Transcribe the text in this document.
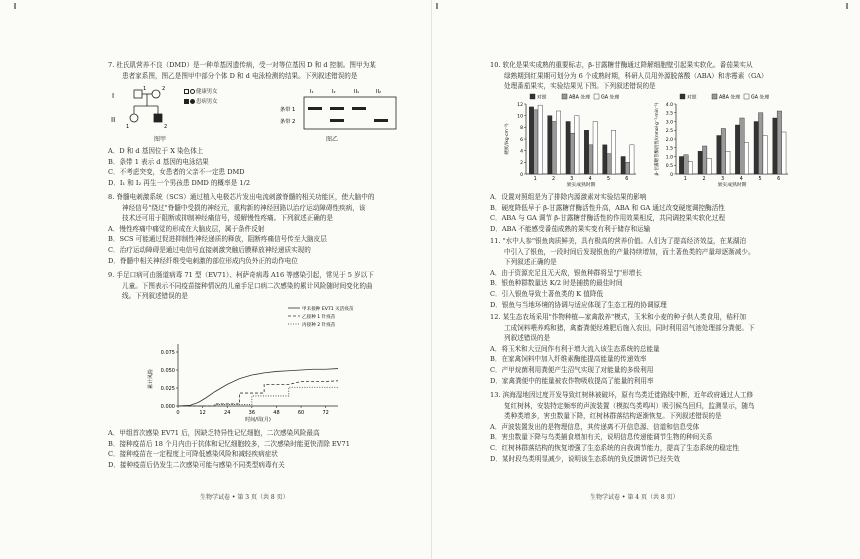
7. 杜氏肌营养不良（DMD）是一种单基因遗传病，受一对等位基因 D 和 d 控制。图甲为某

患者家系图，图乙是图甲中部分个体 D 和 d 电泳检测的结果。下列叙述错误的是

I
II
1	2
1	2
健康男女
患病男女
图甲
条带 1
条带 2
I₁	I₂	II₁	II₂
图乙

A．D 和 d 基因位于 X 染色体上

B．条带 1 表示 d 基因的电泳结果

C．不考虑突变，女患者的父亲不一定患 DMD

D．I₁ 和 I₂ 再生一个男孩患 DMD 的概率是 1/2

8. 脊髓电刺激系统（SCS）通过植入电极芯片发出电流刺激脊髓的相关功能区，使大脑中的

神经信号"绕过"脊髓中受损的神经元，重构新的神经回路以治疗运动障碍性疾病，该

技术还可用于阻断或抑制神经痛信号，缓解慢性疼痛。下列叙述正确的是

A．慢性疼痛中痛觉的形成在大脑皮层，属于条件反射

B．SCS 可能通过促进抑制性神经递质的释放，阻断疼痛信号传至大脑皮层

C．治疗运动障碍是通过电信号直接刺激突触后膜释放神经递质实现的

D．脊髓中相关神经纤维受电刺激的部位形成内负外正的动作电位

9. 手足口病可由肠道病毒 71 型（EV71）、柯萨奇病毒 A16 等感染引起，常见于 5 岁以下

儿童。下图表示不同疫苗接种情况的儿童手足口病二次感染的累计风险随时间变化的曲

线。下列叙述错误的是

0.000
0.025
0.050
0.075
0	12	24	36	48	60	72
时间/周(月)
累计风险
甲未接种 EV71 灭活疫苗
乙接种 1 针疫苗
丙接种 2 针疫苗

A．甲组首次感染 EV71 后，因缺乏特异性记忆细胞，二次感染风险最高

B．接种疫苗后 18 个月内由于抗体和记忆细胞较多，二次感染时能更快清除 EV71

C．接种疫苗在一定程度上可降低感染风险和减轻疾病症状

D．接种疫苗后仍发生二次感染可能与感染不同类型病毒有关

生物学试卷 • 第 3 页（共 8 页）

10. 软化是果实成熟的重要标志，β-甘露糖苷酶通过降解细胞壁引起果实软化。番茄果实从

绿熟期到红果期可划分为 6 个成熟时期，科研人员用外源脱落酸（ABA）和赤霉素（GA）

处理番茄果实，实验结果见下图。下列叙述错误的是

0
2
4
6
8
10
12
1	2	3	4	5	6
果实成熟时期
硬度/(kg·cm⁻²)
对照	ABA 处理 GA 处理
0
0.5
1.0
1.5
2.0
2.5
3.0
3.5
4.0
1	2	3	4	5	6
果实成熟时期
β-甘露糖苷酶活性/(nmol·g⁻¹·min⁻¹)
对照	ABA 处理 GA 处理

A．设置对照组是为了排除内源激素对实验结果的影响

B．硬度降低早于 β-甘露糖苷酶活性升高，ABA 和 GA 通过改变硬度调控酶活性

C．ABA 与 GA 调节 β-甘露糖苷酶活性的作用效果相反，共同调控果实软化过程

D．ABA 不能感受番茄成熟的果实变有利于储存和运输

11. "水中人参"银鱼肉质鲜美，具有极高的营养价值。人们为了提高经济效益，在某湖泊

中引入了银鱼，一段时间后发现银鱼的产量持续增加，而土著鱼类的产量却逐渐减少。

下列叙述正确的是

A．由于资源充足且无天敌，银鱼种群将呈"J"形增长

B．银鱼种群数量达 K/2 时是捕捞的最佳时间

C．引入银鱼导致土著鱼类的 K 值降低

D．银鱼与当地环境的协调与适应体现了生态工程的协调原理

12. 某生态农场采用"作物种植—家禽散养"模式，玉米和小麦的种子供人类食用，秸秆加

工成饲料喂养鸡和猪，禽畜粪便经堆肥后施入农田，同时利用沼气池处理部分粪便。下

列叙述错误的是

A．将玉米和大豆间作有利于增大流入该生态系统的总能量

B．在家禽饲料中加入纤维素酶能提高能量的传递效率

C．产甲烷菌利用粪便产生沼气实现了对能量的多级利用

D．家禽粪便中的能量被农作物吸收提高了能量的利用率

13. 滨海湿地因过度开发导致红树林被破坏，原有鸟类迁徙路线中断，近年政府通过人工修

复红树林，安装特定频率的声波装置（模拟鸟类鸣叫）吸引候鸟回归，监测显示，随鸟

类种类增多，害虫数量下降，红树林群落结构逐渐恢复。下列叙述错误的是

A．声波装置发出的是物理信息，其传递离不开信息源、信道和信息受体

B．害虫数量下降与鸟类捕食增加有关，说明信息传递能调节生物的种间关系

C．红树林群落结构的恢复增强了生态系统的自我调节能力，提高了生态系统的稳定性

D．某时段鸟类明显减少，说明该生态系统的负反馈调节已经失效

生物学试卷 • 第 4 页（共 8 页）
